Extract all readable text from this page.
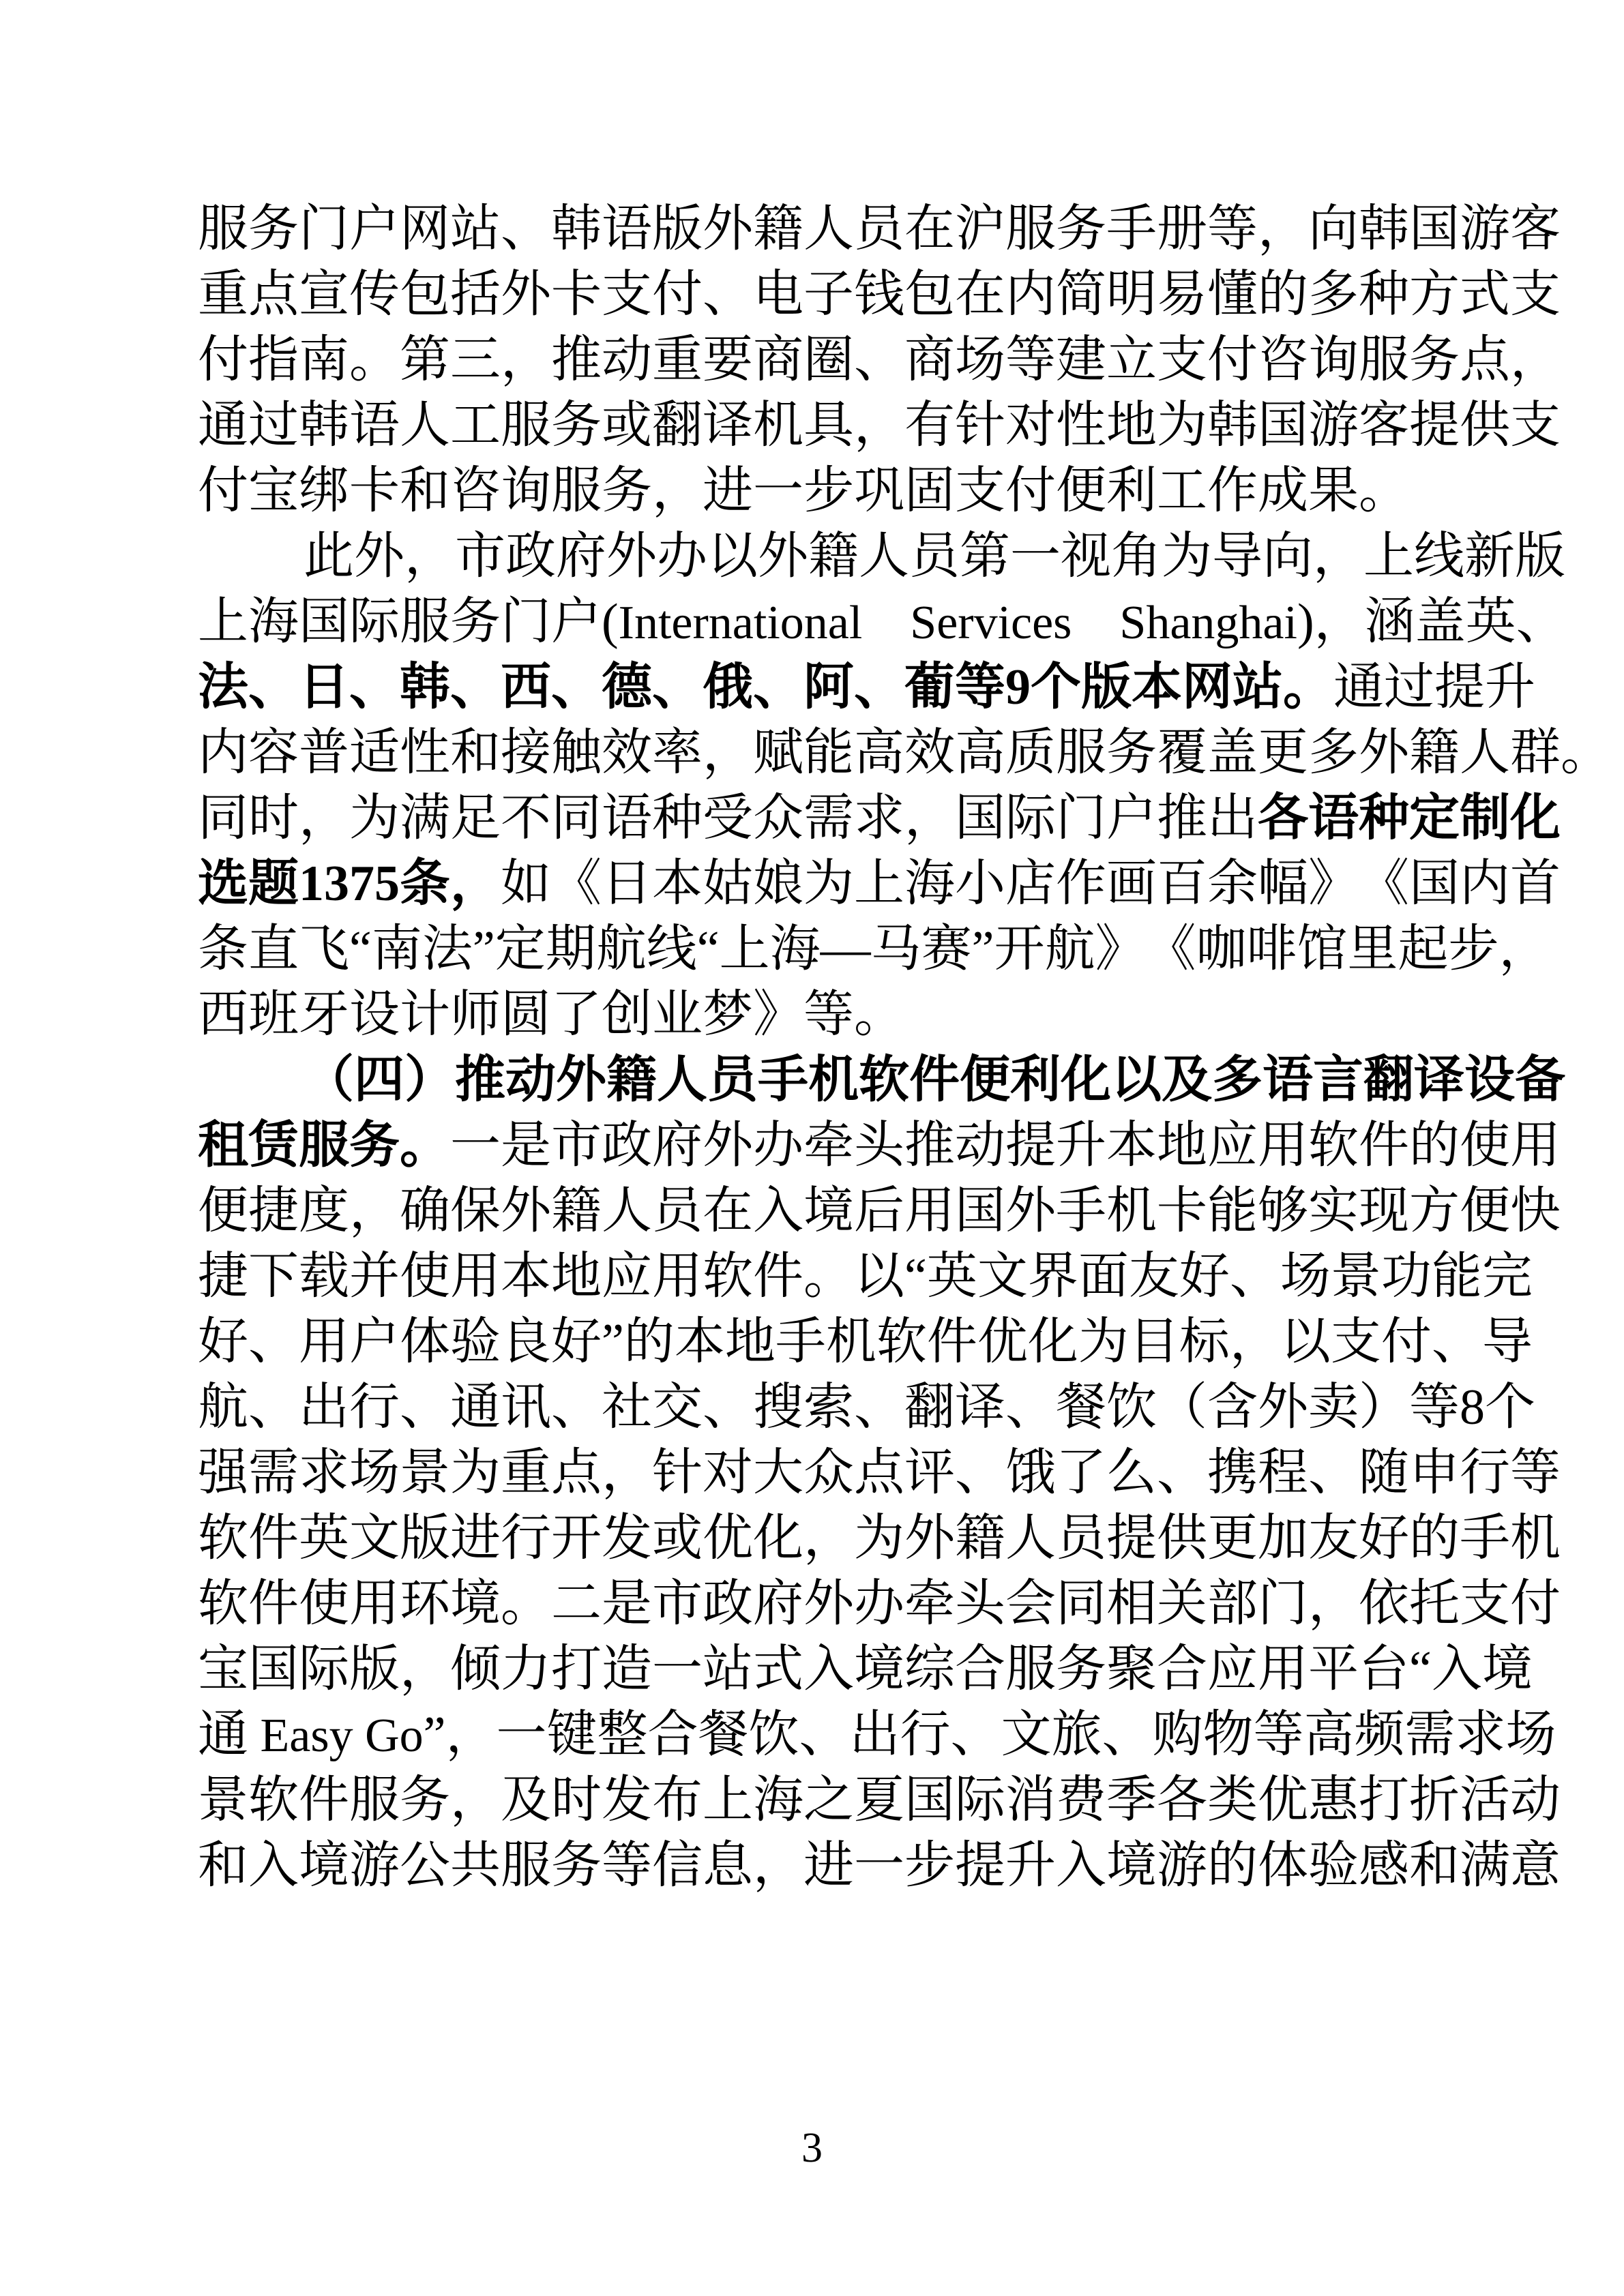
服 务 门 户 网 站 、 韩 语 版 外 籍 人 员 在 沪 服 务 手 册 等 ， 向 韩 国 游 客
重 点 宣 传 包 括 外 卡 支 付 、 电 子 钱 包 在 内 简 明 易 懂 的 多 种 方 式 支
付 指 南 。 第 三 ， 推 动 重 要 商 圈 、 商 场 等 建 立 支 付 咨 询 服 务 点 ，
通 过 韩 语 人 工 服 务 或 翻 译 机 具 ， 有 针 对 性 地 为 韩 国 游 客 提 供 支
付宝绑卡和咨询服务，进一步巩固支付便利工作成果。
此 外 ， 市 政 府 外 办 以 外 籍 人 员 第 一 视 角 为 导 向 ， 上 线 新 版
上海国际服务门户( International
Services
Shanghai )，涵盖英、
法 、 日 、 韩 、 西 、 德 、 俄 、 阿 、 葡 等 9 个 版 本 网 站 。 通 过 提 升
内 容 普 适 性 和 接 触 效 率 ， 赋 能 高 效 高 质 服 务 覆 盖 更 多 外 籍 人 群 。
同 时 ， 为 满 足 不 同 语 种 受 众 需 求 ， 国 际 门 户 推 出 各 语 种 定 制 化
选 题 1 3 7 5 条 ， 如 《 日 本 姑 娘 为 上 海 小 店 作 画 百 余 幅 》 《 国 内 首
条 直 飞 “ 南 法 ” 定 期 航 线 “ 上 海 — 马 赛 ” 开 航 》 《 咖 啡 馆 里 起 步 ，
西班牙设计师圆了创业梦》等。
（ 四 ） 推 动 外 籍 人 员 手 机 软 件 便 利 化 以 及 多 语 言 翻 译 设 备
租 赁 服 务 。 一 是 市 政 府 外 办 牵 头 推 动 提 升 本 地 应 用 软 件 的 使 用
便 捷 度 ， 确 保 外 籍 人 员 在 入 境 后 用 国 外 手 机 卡 能 够 实 现 方 便 快
捷 下 载 并 使 用 本 地 应 用 软 件 。 以 “ 英 文 界 面 友 好 、 场 景 功 能 完
好 、 用 户 体 验 良 好 ” 的 本 地 手 机 软 件 优 化 为 目 标 ， 以 支 付 、 导
航 、 出 行 、 通 讯 、 社 交 、 搜 索 、 翻 译 、 餐 饮 （ 含 外 卖 ） 等 8 个
强 需 求 场 景 为 重 点 ， 针 对 大 众 点 评 、 饿 了 么 、 携 程 、 随 申 行 等
软 件 英 文 版 进 行 开 发 或 优 化 ， 为 外 籍 人 员 提 供 更 加 友 好 的 手 机
软 件 使 用 环 境 。 二 是 市 政 府 外 办 牵 头 会 同 相 关 部 门 ， 依 托 支 付
宝 国 际 版 ， 倾 力 打 造 一 站 式 入 境 综 合 服 务 聚 合 应 用 平 台 “ 入 境
通
E a s y
G o ” ， 一 键 整 合 餐 饮 、 出 行 、 文 旅 、 购 物 等 高 频 需 求 场
景 软 件 服 务 ， 及 时 发 布 上 海 之 夏 国 际 消 费 季 各 类 优 惠 打 折 活 动
和 入 境 游 公 共 服 务 等 信 息 ， 进 一 步 提 升 入 境 游 的 体 验 感 和 满 意
3
